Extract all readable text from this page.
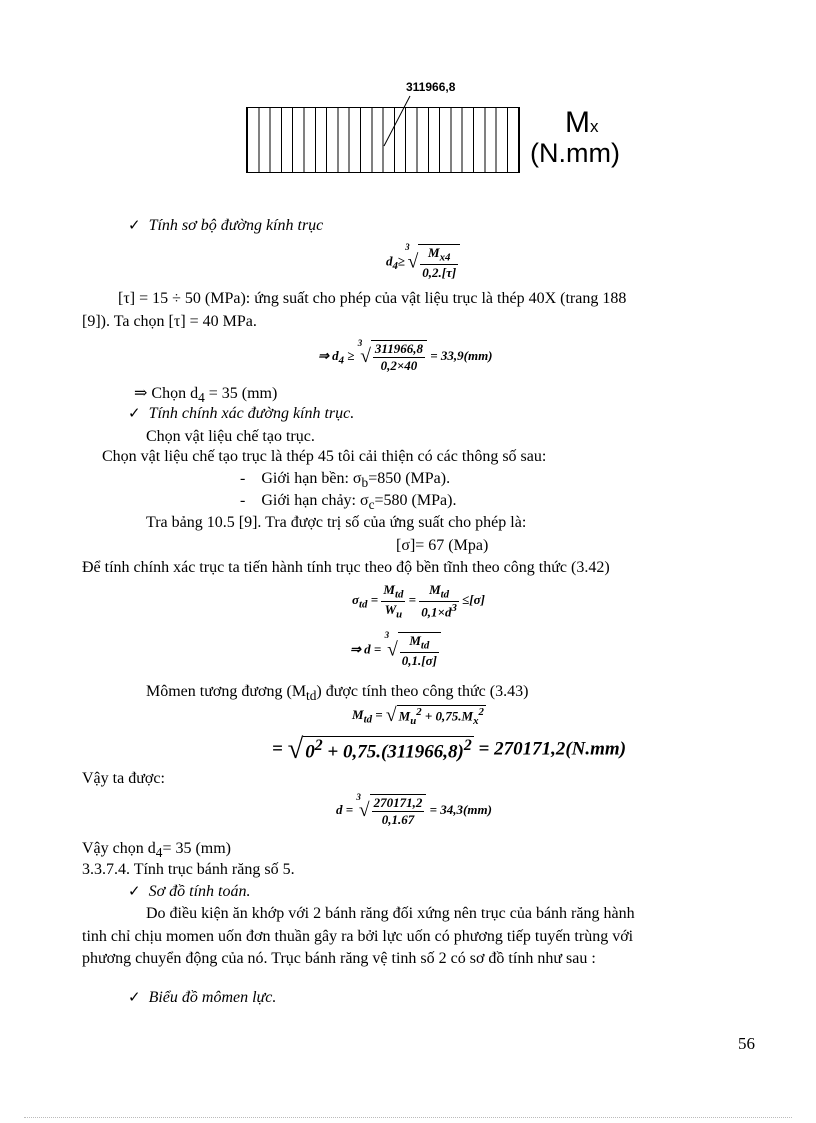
311966,8
Mx
(N.mm)
✓ Tính sơ bộ đường kính trục
$d_4\ge^3√ \frac{M_{x4}}{0,2.[\tau]}$
[τ] = 15 ÷ 50 (MPa): ứng suất cho phép của vật liệu trục là thép 40X (trang 188
[9]). Ta chọn [τ] = 40 MPa.
⇒ $d_4 \ge ^3√ \frac{311966,8}{0,2\times 40} = 33,9(mm)$
⇒ Chọn $d_4 = 35$ (mm)
✓ Tính chính xác đường kính trục.
Chọn vật liệu chế tạo trục.
Chọn vật liệu chế tạo trục là thép 45 tôi cải thiện có các thông số sau:
- Giới hạn bền: $\sigma_b=850$ (MPa).
- Giới hạn chảy: $\sigma_c=580$ (MPa).
Tra bảng 10.5 [9]. Tra được trị số của ứng suất cho phép là:
[σ]= 67 (Mpa)
Để tính chính xác trục ta tiến hành tính trục theo độ bền tĩnh theo công thức (3.42)
$\sigma_{td} = \frac{M_{td}}{W_u} = \frac{M_{td}}{0,1\times d^3} \le[\sigma]$
⇒ $d = ^3√ \frac{M_{td}}{0,1.[\sigma]}$
Mômen tương đương $(M_{td})$ được tính theo công thức (3.43)
$M_{td}$ = √ $M_u^2 + 0,75.M_x^2$
= √ $0^2 + 0,75.(311966,8)^2 = 270171,2(N.mm)$
Vậy ta được:
$d = ^3√ \frac{270171,2}{0,1.67} = 34,3(mm)$
Vậy chọn $d_4= 35$ (mm)
3.3.7.4. Tính trục bánh răng số 5.
✓ Sơ đồ tính toán.
Do điều kiện ăn khớp với 2 bánh răng đối xứng nên trục của bánh răng hành
tinh chỉ chịu momen uốn đơn thuần gây ra bởi lực uốn có phương tiếp tuyến trùng với
phương chuyển động của nó. Trục bánh răng vệ tinh số 2 có sơ đồ tính như sau :
✓ Biểu đồ mômen lực.
56
